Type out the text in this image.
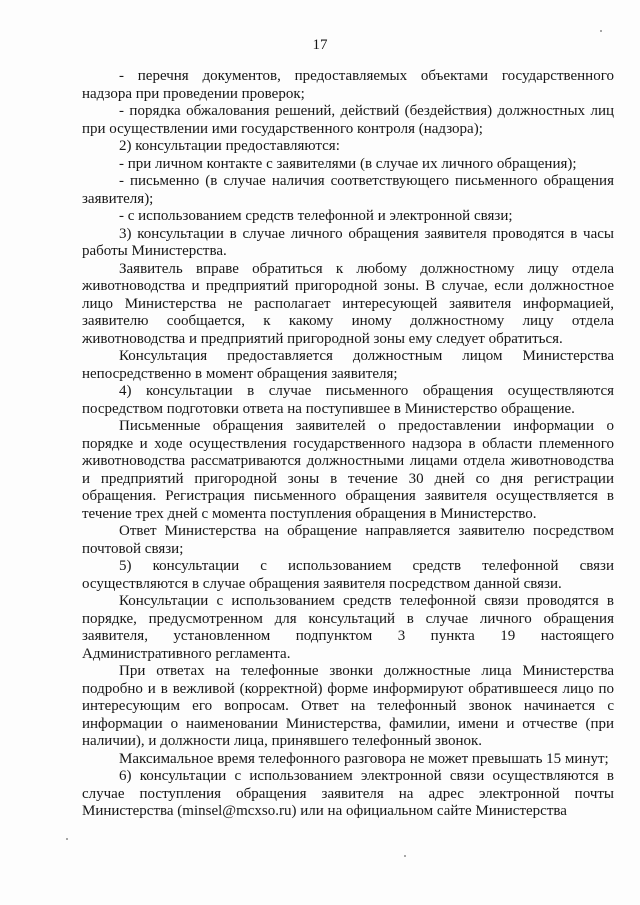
17

- перечня документов, предоставляемых объектами государственного надзора при проведении проверок;

- порядка обжалования решений, действий (бездействия) должностных лиц при осуществлении ими государственного контроля (надзора);

2) консультации предоставляются:

- при личном контакте с заявителями (в случае их личного обращения);

- письменно (в случае наличия соответствующего письменного обращения заявителя);

- с использованием средств телефонной и электронной связи;

3) консультации в случае личного обращения заявителя проводятся в часы работы Министерства.

Заявитель вправе обратиться к любому должностному лицу отдела животноводства и предприятий пригородной зоны. В случае, если должностное лицо Министерства не располагает интересующей заявителя информацией, заявителю сообщается, к какому иному должностному лицу отдела животноводства и предприятий пригородной зоны ему следует обратиться.

Консультация предоставляется должностным лицом Министерства непосредственно в момент обращения заявителя;

4) консультации в случае письменного обращения осуществляются посредством подготовки ответа на поступившее в Министерство обращение.

Письменные обращения заявителей о предоставлении информации о порядке и ходе осуществления государственного надзора в области племенного животноводства рассматриваются должностными лицами отдела животноводства и предприятий пригородной зоны в течение 30 дней со дня регистрации обращения. Регистрация письменного обращения заявителя осуществляется в течение трех дней с момента поступления обращения в Министерство.

Ответ Министерства на обращение направляется заявителю посредством почтовой связи;

5) консультации с использованием средств телефонной связи осуществляются в случае обращения заявителя посредством данной связи.

Консультации с использованием средств телефонной связи проводятся в порядке, предусмотренном для консультаций в случае личного обращения заявителя, установленном подпунктом 3 пункта 19 настоящего Административного регламента.

При ответах на телефонные звонки должностные лица Министерства подробно и в вежливой (корректной) форме информируют обратившееся лицо по интересующим его вопросам. Ответ на телефонный звонок начинается с информации о наименовании Министерства, фамилии, имени и отчестве (при наличии), и должности лица, принявшего телефонный звонок.

Максимальное время телефонного разговора не может превышать 15 минут;

6) консультации с использованием электронной связи осуществляются в случае поступления обращения заявителя на адрес электронной почты Министерства (minsel@mcxso.ru) или на официальном сайте Министерства
